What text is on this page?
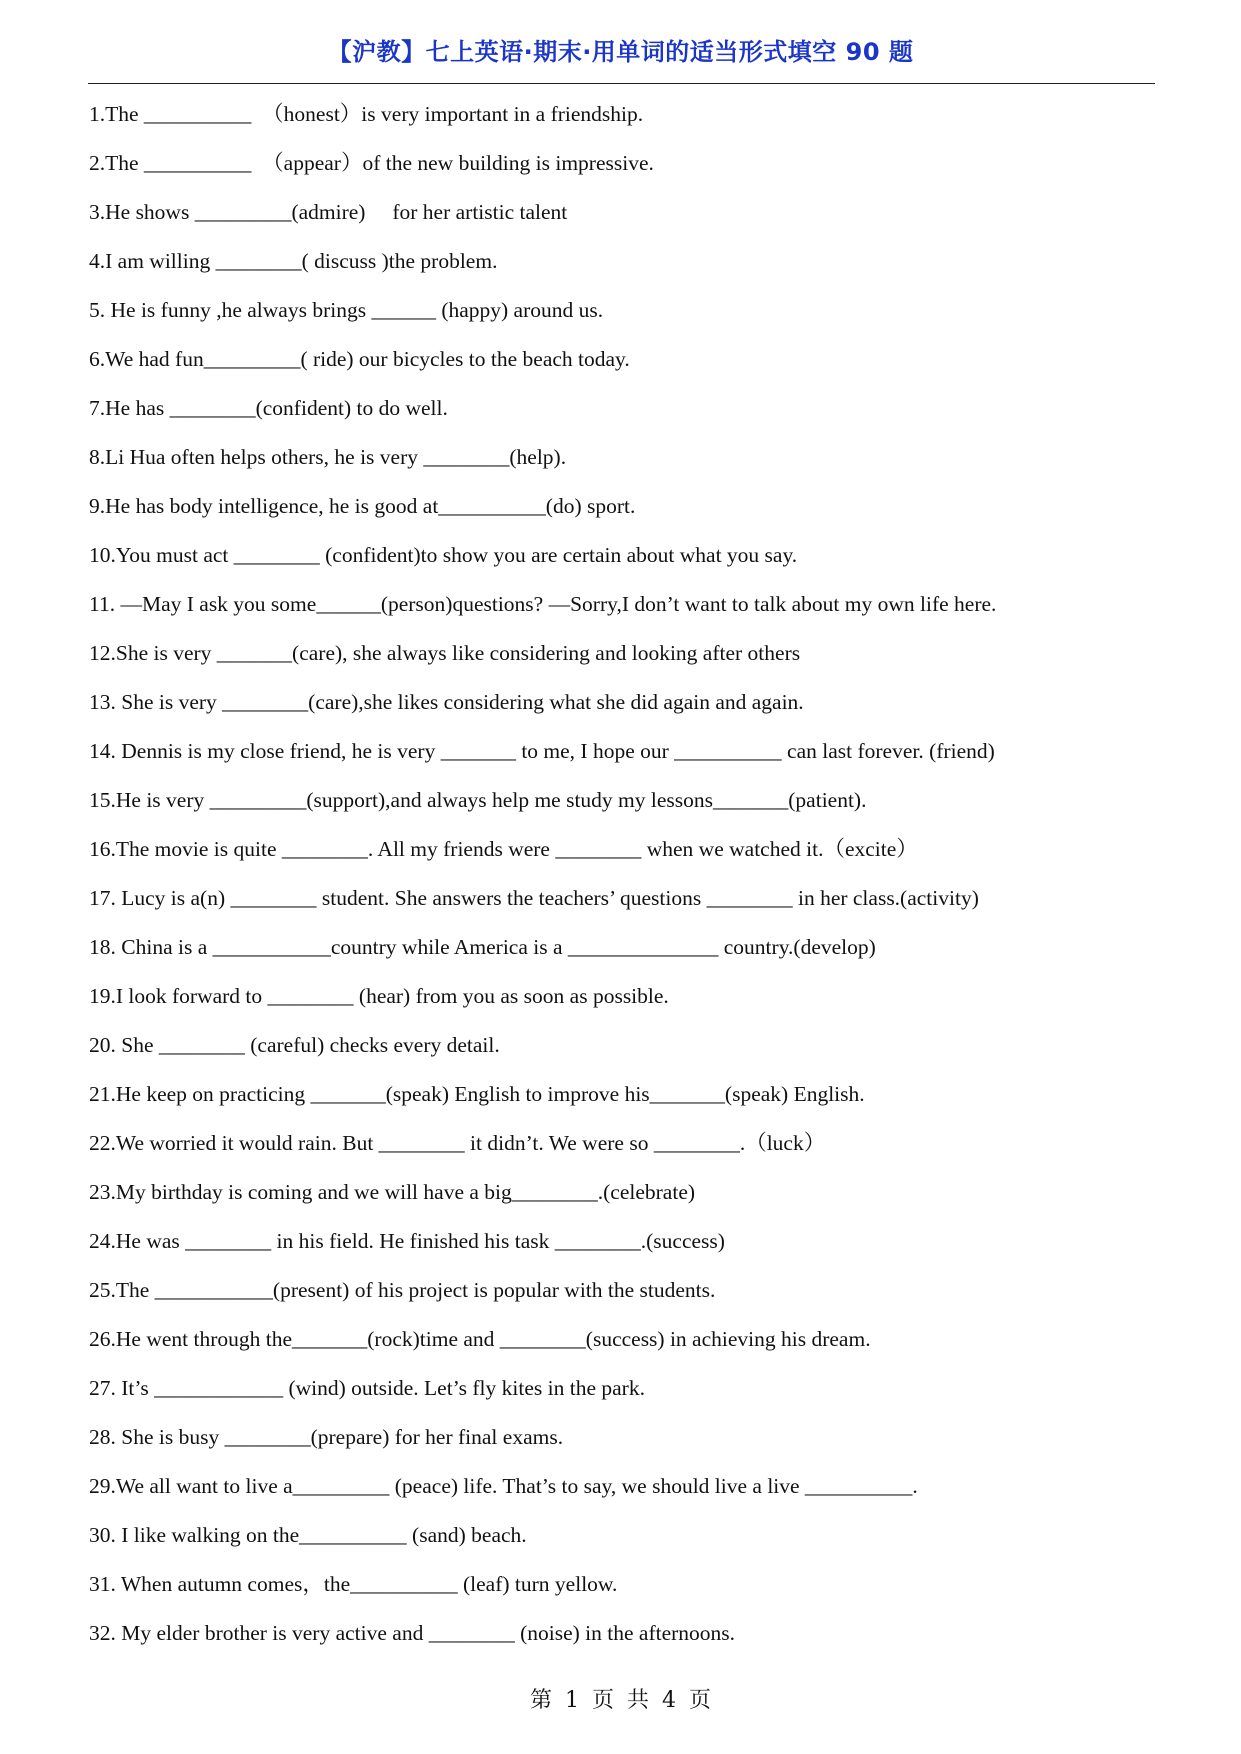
【沪教】七上英语·期末·用单词的适当形式填空 90 题
1.The __________　（honest）is very important in a friendship.
2.The __________　（appear）of the new building is impressive.
3.He shows _________(admire)　 for her artistic talent
4.I am willing ________( discuss )the problem.
5. He is funny ,he always brings ______ (happy) around us.
6.We had fun_________( ride) our bicycles to the beach today.
7.He has ________(confident) to do well.
8.Li Hua often helps others, he is very ________(help).
9.He has body intelligence, he is good at__________(do) sport.
10.You must act ________ (confident)to show you are certain about what you say.
11. —May I ask you some______(person)questions? —Sorry,I don’t want to talk about my own life here.
12.She is very _______(care), she always like considering and looking after others
13. She is very ________(care),she likes considering what she did again and again.
14. Dennis is my close friend, he is very _______ to me, I hope our __________ can last forever. (friend)
15.He is very _________(support),and always help me study my lessons_______(patient).
16.The movie is quite ________. All my friends were ________ when we watched it.（excite）
17. Lucy is a(n) ________ student. She answers the teachers’ questions ________ in her class.(activity)
18. China is a ___________country while America is a ______________ country.(develop)
19.I look forward to ________ (hear) from you as soon as possible.
20. She ________ (careful) checks every detail.
21.He keep on practicing _______(speak) English to improve his_______(speak) English.
22.We worried it would rain. But ________ it didn’t. We were so ________.（luck）
23.My birthday is coming and we will have a big________.(celebrate)
24.He was ________ in his field. He finished his task ________.(success)
25.The ___________(present) of his project is popular with the students.
26.He went through the_______(rock)time and ________(success) in achieving his dream.
27. It’s ____________ (wind) outside. Let’s fly kites in the park.
28. She is busy ________(prepare) for her final exams.
29.We all want to live a_________ (peace) life. That’s to say, we should live a live __________.
30. I like walking on the__________ (sand) beach.
31. When autumn comes，the__________ (leaf) turn yellow.
32. My elder brother is very active and ________ (noise) in the afternoons.
第 1 页 共 4 页
